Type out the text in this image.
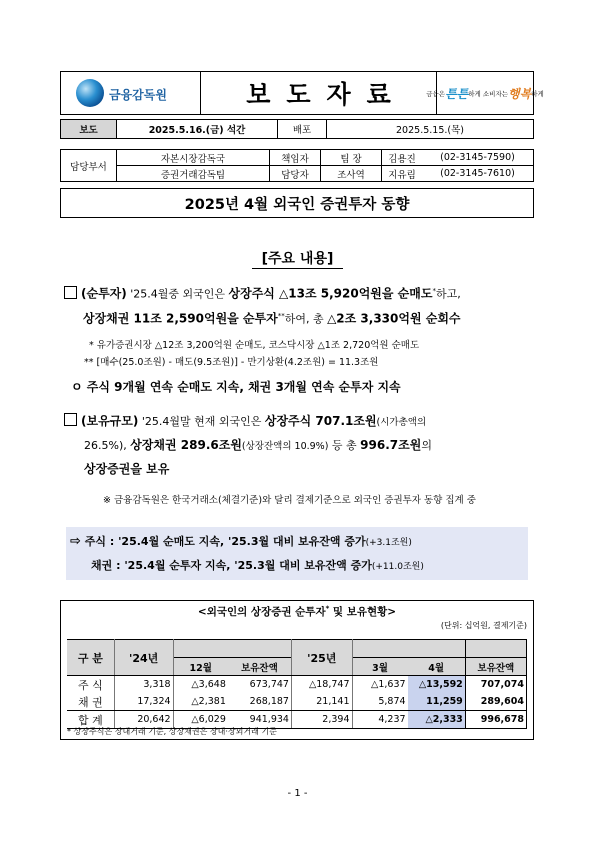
금융감독원	보도자료	금융은 튼튼 하게 소비자는 행복 하게
보도	2025.5.16.(금) 석간	배포	2025.5.15.(목)
담당부서	자본시장감독국	책임자	팀 장	김용진	(02-3145-7590)
	증권거래감독팀	담당자	조사역	지유림	(02-3145-7610)
2025년 4월 외국인 증권투자 동향
[주요 내용]
(순투자) '25.4월중 외국인은 상장주식 △13조 5,920억원을 순매도*하고,
상장채권 11조 2,590억원을 순투자**하여, 총 △2조 3,330억원 순회수
* 유가증권시장 △12조 3,200억원 순매도, 코스닥시장 △1조 2,720억원 순매도
** [매수(25.0조원) - 매도(9.5조원)] - 만기상환(4.2조원) = 11.3조원
ㅇ 주식 9개월 연속 순매도 지속, 채권 3개월 연속 순투자 지속
(보유규모) '25.4월말 현재 외국인은 상장주식 707.1조원(시가총액의
26.5%), 상장채권 289.6조원(상장잔액의 10.9%) 등 총 996.7조원의
상장증권을 보유
※ 금융감독원은 한국거래소(체결기준)와 달리 결제기준으로 외국인 증권투자 동향 집계 중
⇨ 주식 : '25.4월 순매도 지속, '25.3월 대비 보유잔액 증가(+3.1조원)
채권 : '25.4월 순투자 지속, '25.3월 대비 보유잔액 증가(+11.0조원)
<외국인의 상장증권 순투자* 및 보유현황>
(단위: 십억원, 결제기준)
구 분	'24년			'25년			
		12월	보유잔액		3월	4월	보유잔액
주 식	3,318	△3,648	673,747	△18,747	△1,637	△13,592	707,074
채 권	17,324	△2,381	268,187	21,141	5,874	11,259	289,604
합 계	20,642	△6,029	941,934	2,394	4,237	△2,333	996,678
* 상장주식은 장내거래 기준, 상장채권은 장내·장외거래 기준
- 1 -
